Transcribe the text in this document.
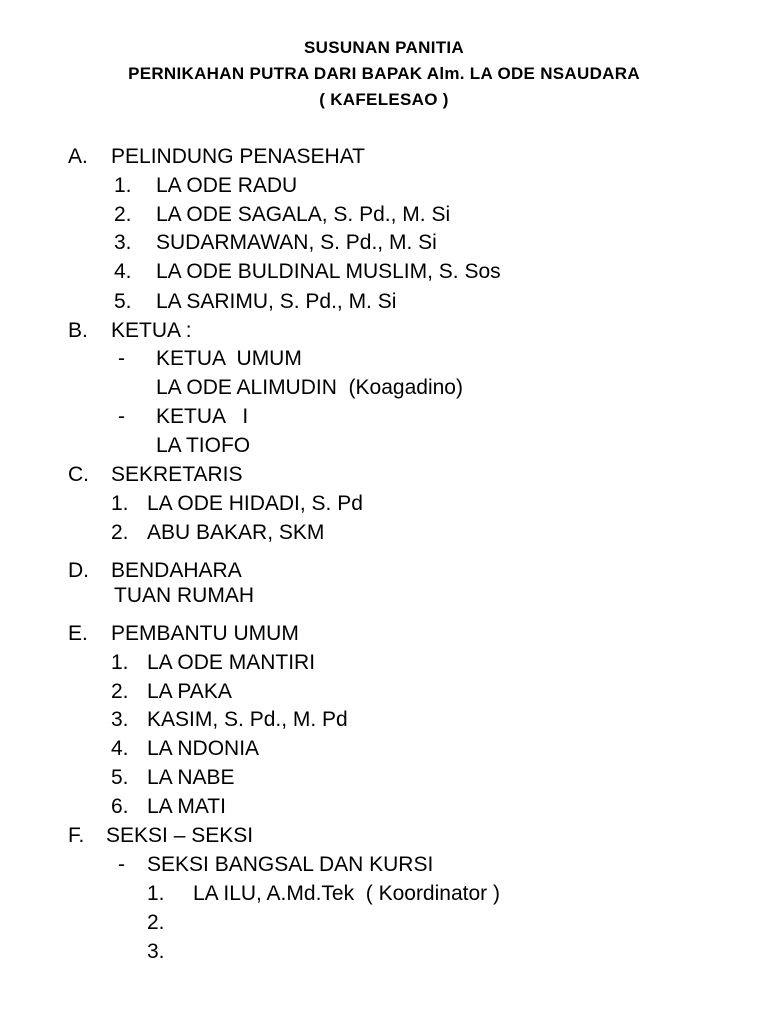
SUSUNAN PANITIA
PERNIKAHAN PUTRA DARI BAPAK Alm. LA ODE NSAUDARA
( KAFELESAO )
A. PELINDUNG PENASEHAT
1. LA ODE RADU
2. LA ODE SAGALA, S. Pd., M. Si
3. SUDARMAWAN, S. Pd., M. Si
4. LA ODE BULDINAL MUSLIM, S. Sos
5. LA SARIMU, S. Pd., M. Si
B. KETUA :
- KETUA  UMUM
LA ODE ALIMUDIN  (Koagadino)
- KETUA   I
LA TIOFO
C. SEKRETARIS
1. LA ODE HIDADI, S. Pd
2. ABU BAKAR, SKM
D. BENDAHARA
TUAN RUMAH
E. PEMBANTU UMUM
1. LA ODE MANTIRI
2. LA PAKA
3. KASIM, S. Pd., M. Pd
4. LA NDONIA
5. LA NABE
6. LA MATI
F. SEKSI – SEKSI
- SEKSI BANGSAL DAN KURSI
1. LA ILU, A.Md.Tek  ( Koordinator )
2.
3.
